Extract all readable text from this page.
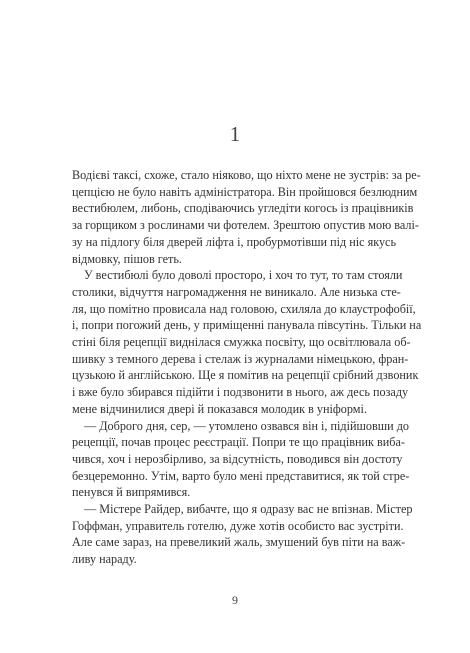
1

Водієві таксі, схоже, стало ніяково, що ніхто мене не зустрів: за ре-
цепцією не було навіть адміністратора. Він пройшовся безлюдним
вестибюлем, либонь, сподіваючись угледіти когось із працівників
за горщиком з рослинами чи фотелем. Зрештою опустив мою валі-
зу на підлогу біля дверей ліфта і, пробурмотівши під ніс якусь
відмовку, пішов геть.

У вестибюлі було доволі просторо, і хоч то тут, то там стояли
столики, відчуття нагромадження не виникало. Але низька сте-
ля, що помітно провисала над головою, схиляла до клаустрофобії,
і, попри погожий день, у приміщенні панувала півсутінь. Тільки на
стіні біля рецепції виднілася смужка посвіту, що освітлювала об-
шивку з темного дерева і стелаж із журналами німецькою, фран-
цузькою й англійською. Ще я помітив на рецепції срібний дзвоник
і вже було збирався підійти і подзвонити в нього, аж десь позаду
мене відчинилися двері й показався молодик в уніформі.

— Доброго дня, сер, — утомлено озвався він і, підійшовши до
рецепції, почав процес реєстрації. Попри те що працівник виба-
чився, хоч і нерозбірливо, за відсутність, поводився він достоту
безцеремонно. Утім, варто було мені представитися, як той стре-
пенувся й випрямився.

— Містере Райдер, вибачте, що я одразу вас не впізнав. Містер
Гоффман, управитель готелю, дуже хотів особисто вас зустріти.
Але саме зараз, на превеликий жаль, змушений був піти на важ-
ливу нараду.

9
